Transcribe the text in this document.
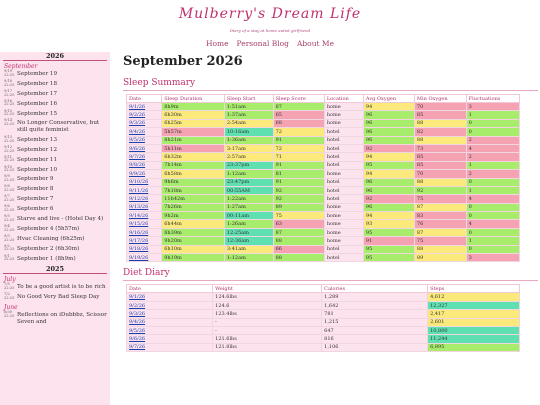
Mulberry's Dream Life
Diary of a stay at home autist girlfriend
Home Personal Blog About Me
2026
September
9/19 22:25 September 19
9/18 22:25 September 18
9/17 22:25 September 17
9/16 22:25 September 16
9/15 22:25 September 15
9/14 22:25 No Longer Conservative, but still quite feminist
9/13 22:25 September 13
9/12 22:25 September 12
9/11 22:25 September 11
9/10 22:25 September 10
9/9 22:25 September 9
9/8 22:25 September 8
9/7 22:25 September 7
9/6 22:25 September 6
9/5 22:25 Starve and live - (Hotel Day 4)
9/4 22:25 September 4 (5h57m)
9/3 22:25 Hvac Cleaning (6h25m)
9/2 22:25 September 2 (6h30m)
9/1 22:25 September 1 (8h9m)
2025
July
7/5 22:25 To be a good artist is to be rich
7/2 22:25 No Good Very Bad Sleep Day
June
6/30 22:25 Reflections on iDubbbz, Scissor Seven and
September 2026
Sleep Summary
Date	Sleep Duration	Sleep Start	Sleep Score	Location	Avg Oxygen	Min Oxygen	Fluctuations
9/1/26	8h9m	1:51am	87	home	94	70	3
9/2/26	6h30m	1:37am	65	home	96	85	1
9/3/26	6h25m	2:54am	68	home	96	88	0
9/4/26	5h57m	10:16am	72	hotel	96	82	0
9/5/26	8h21m	1:36am	91	hotel	96	88	2
9/6/26	5h11m	3:17am	72	hotel	92	73	4
9/7/26	6h32m	2:57am	71	hotel	94	85	2
9/8/26	7h14m	23:37pm	91	hotel	95	85	1
9/9/26	6h58m	1:12am	81	home	94	70	2
9/10/26	9h6m	23:47pm	91	hotel	96	88	0
9/11/26	7h18m	00:55AM	92	hotel	96	92	1
9/12/26	11h42m	1:22am	92	hotel	92	75	4
9/13/26	7h26m	1:27am	89	home	96	87	0
9/14/26	9h2m	00:11am	75	home	94	83	0
9/15/26	6h44m	1:26am	63	home	93	76	4
9/16/26	8h39m	12:25am	87	home	95	87	0
9/17/26	9h20m	12:36am	88	home	91	75	1
9/18/26	6h10m	3:41am	66	hotel	95	88	0
9/19/26	9h19m	1:12am	88	hotel	95	89	3
Diet Diary
Date	Weight	Calories	Steps
9/1/26	124.6lbs	1,289	4,612
9/2/26	124.6	1,642	12,327
9/3/26	123.4lbs	781	2,417
9/4/26	-	1,215	2,601
9/5/26	-	647	10,800
9/6/26	121.6lbs	816	11,244
9/7/26	121.8lbs	1,106	6,895
